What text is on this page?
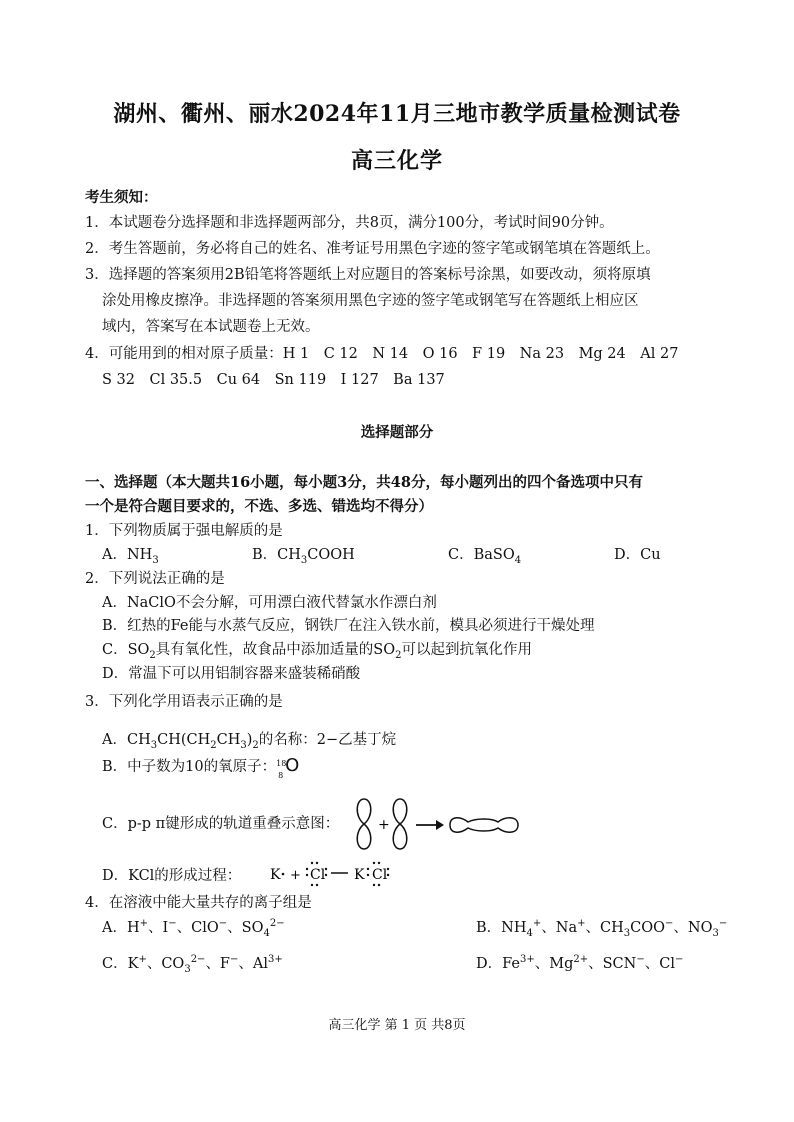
湖州、衢州、丽水2024年11月三地市教学质量检测试卷
高三化学
考生须知：
1．本试题卷分选择题和非选择题两部分，共8页，满分100分，考试时间90分钟。
2．考生答题前，务必将自己的姓名、准考证号用黑色字迹的签字笔或钢笔填在答题纸上。
3．选择题的答案须用2B铅笔将答题纸上对应题目的答案标号涂黑，如要改动，须将原填
涂处用橡皮擦净。非选择题的答案须用黑色字迹的签字笔或钢笔写在答题纸上相应区
域内，答案写在本试题卷上无效。
4．可能用到的相对原子质量：H 1　C 12　N 14　O 16　F 19　Na 23　Mg 24　Al 27
S 32　Cl 35.5　Cu 64　Sn 119　I 127　Ba 137
选择题部分
一、选择题（本大题共16小题，每小题3分，共48分，每小题列出的四个备选项中只有
一个是符合题目要求的，不选、多选、错选均不得分）
1．下列物质属于强电解质的是
A．$NH_3$	B．$CH_3COOH$	C．BaSO$_4$	D．Cu
2．下列说法正确的是
A．NaClO不会分解，可用漂白液代替氯水作漂白剂
B．红热的Fe能与水蒸气反应，钢铁厂在注入铁水前，模具必须进行干燥处理
C．$SO_2$具有氧化性，故食品中添加适量的$SO_2$可以起到抗氧化作用
D．常温下可以用铝制容器来盛装稀硝酸
3．下列化学用语表示正确的是
A．$CH_3CH(CH_2CH_3)_2$的名称：2−乙基丁烷
B．中子数为10的氧原子： 18
8 O
C．p-p π键形成的轨道重叠示意图：	+
D．KCl的形成过程： K + Cl K Cl
4．在溶液中能大量共存的离子组是
A．H+、I−、ClO−、$SO_4^{2-}$	B．$NH_4^+$、Na+、$CH_3COO^-$、$NO_3^-$
C．K+、$CO_3^{2-}$、F−、$Al^{3+}$	D．$Fe^{3+}$、$Mg^{2+}$、SCN−、Cl−
高三化学 第 1 页 共8页
